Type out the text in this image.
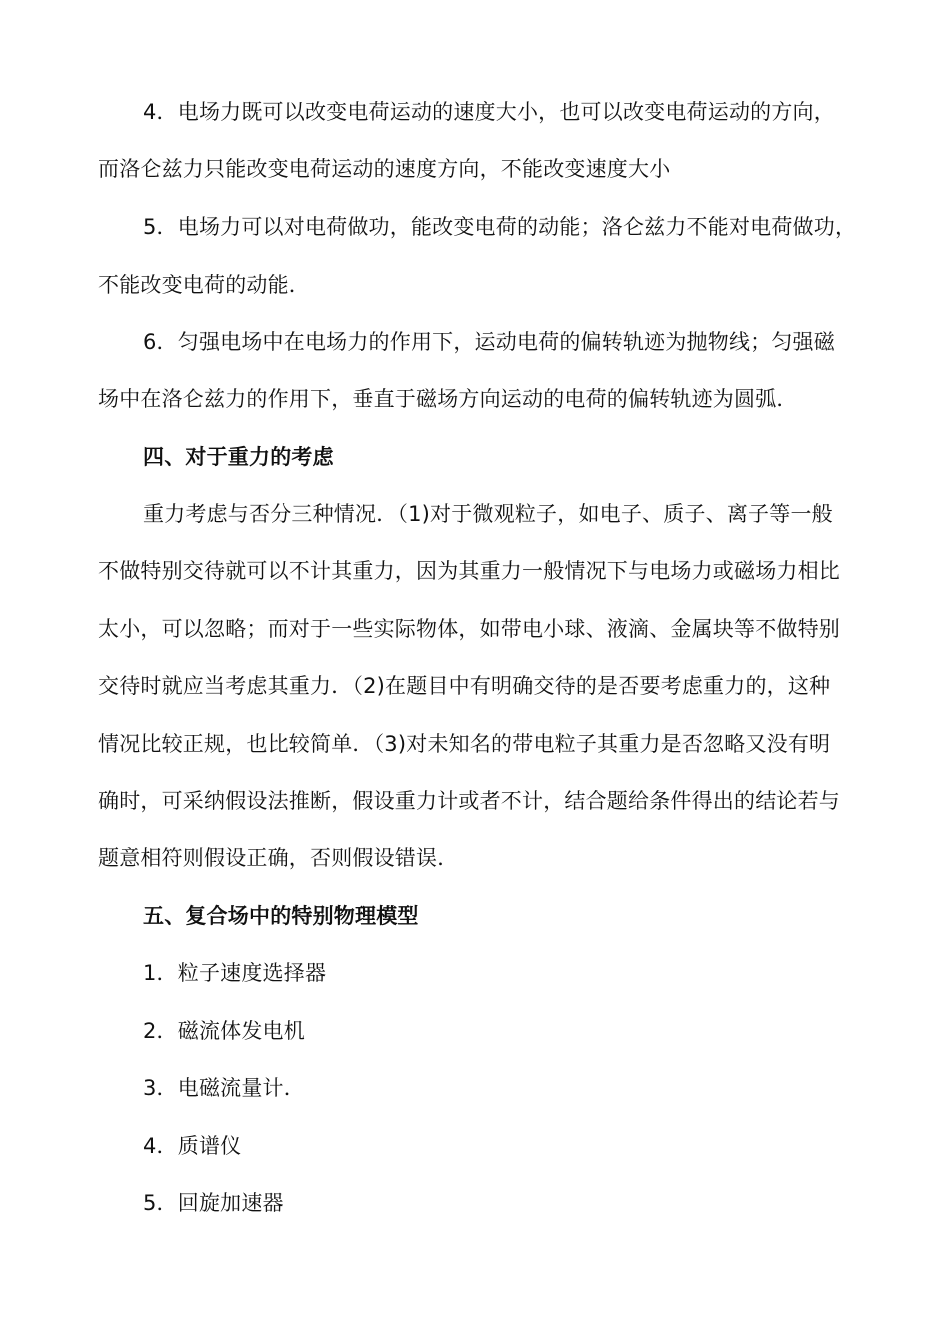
4．电场力既可以改变电荷运动的速度大小，也可以改变电荷运动的方向，
而洛仑兹力只能改变电荷运动的速度方向，不能改变速度大小
5．电场力可以对电荷做功，能改变电荷的动能；洛仑兹力不能对电荷做功，
不能改变电荷的动能．
6．匀强电场中在电场力的作用下，运动电荷的偏转轨迹为抛物线；匀强磁
场中在洛仑兹力的作用下，垂直于磁场方向运动的电荷的偏转轨迹为圆弧．
四、对于重力的考虑
重力考虑与否分三种情况．（1)对于微观粒子，如电子、质子、离子等一般
不做特别交待就可以不计其重力，因为其重力一般情况下与电场力或磁场力相比
太小，可以忽略；而对于一些实际物体，如带电小球、液滴、金属块等不做特别
交待时就应当考虑其重力．（2)在题目中有明确交待的是否要考虑重力的，这种
情况比较正规，也比较简单．（3)对未知名的带电粒子其重力是否忽略又没有明
确时，可采纳假设法推断，假设重力计或者不计，结合题给条件得出的结论若与
题意相符则假设正确，否则假设错误．
五、复合场中的特别物理模型
1．粒子速度选择器
2．磁流体发电机
3．电磁流量计．
4．质谱仪
5．回旋加速器
